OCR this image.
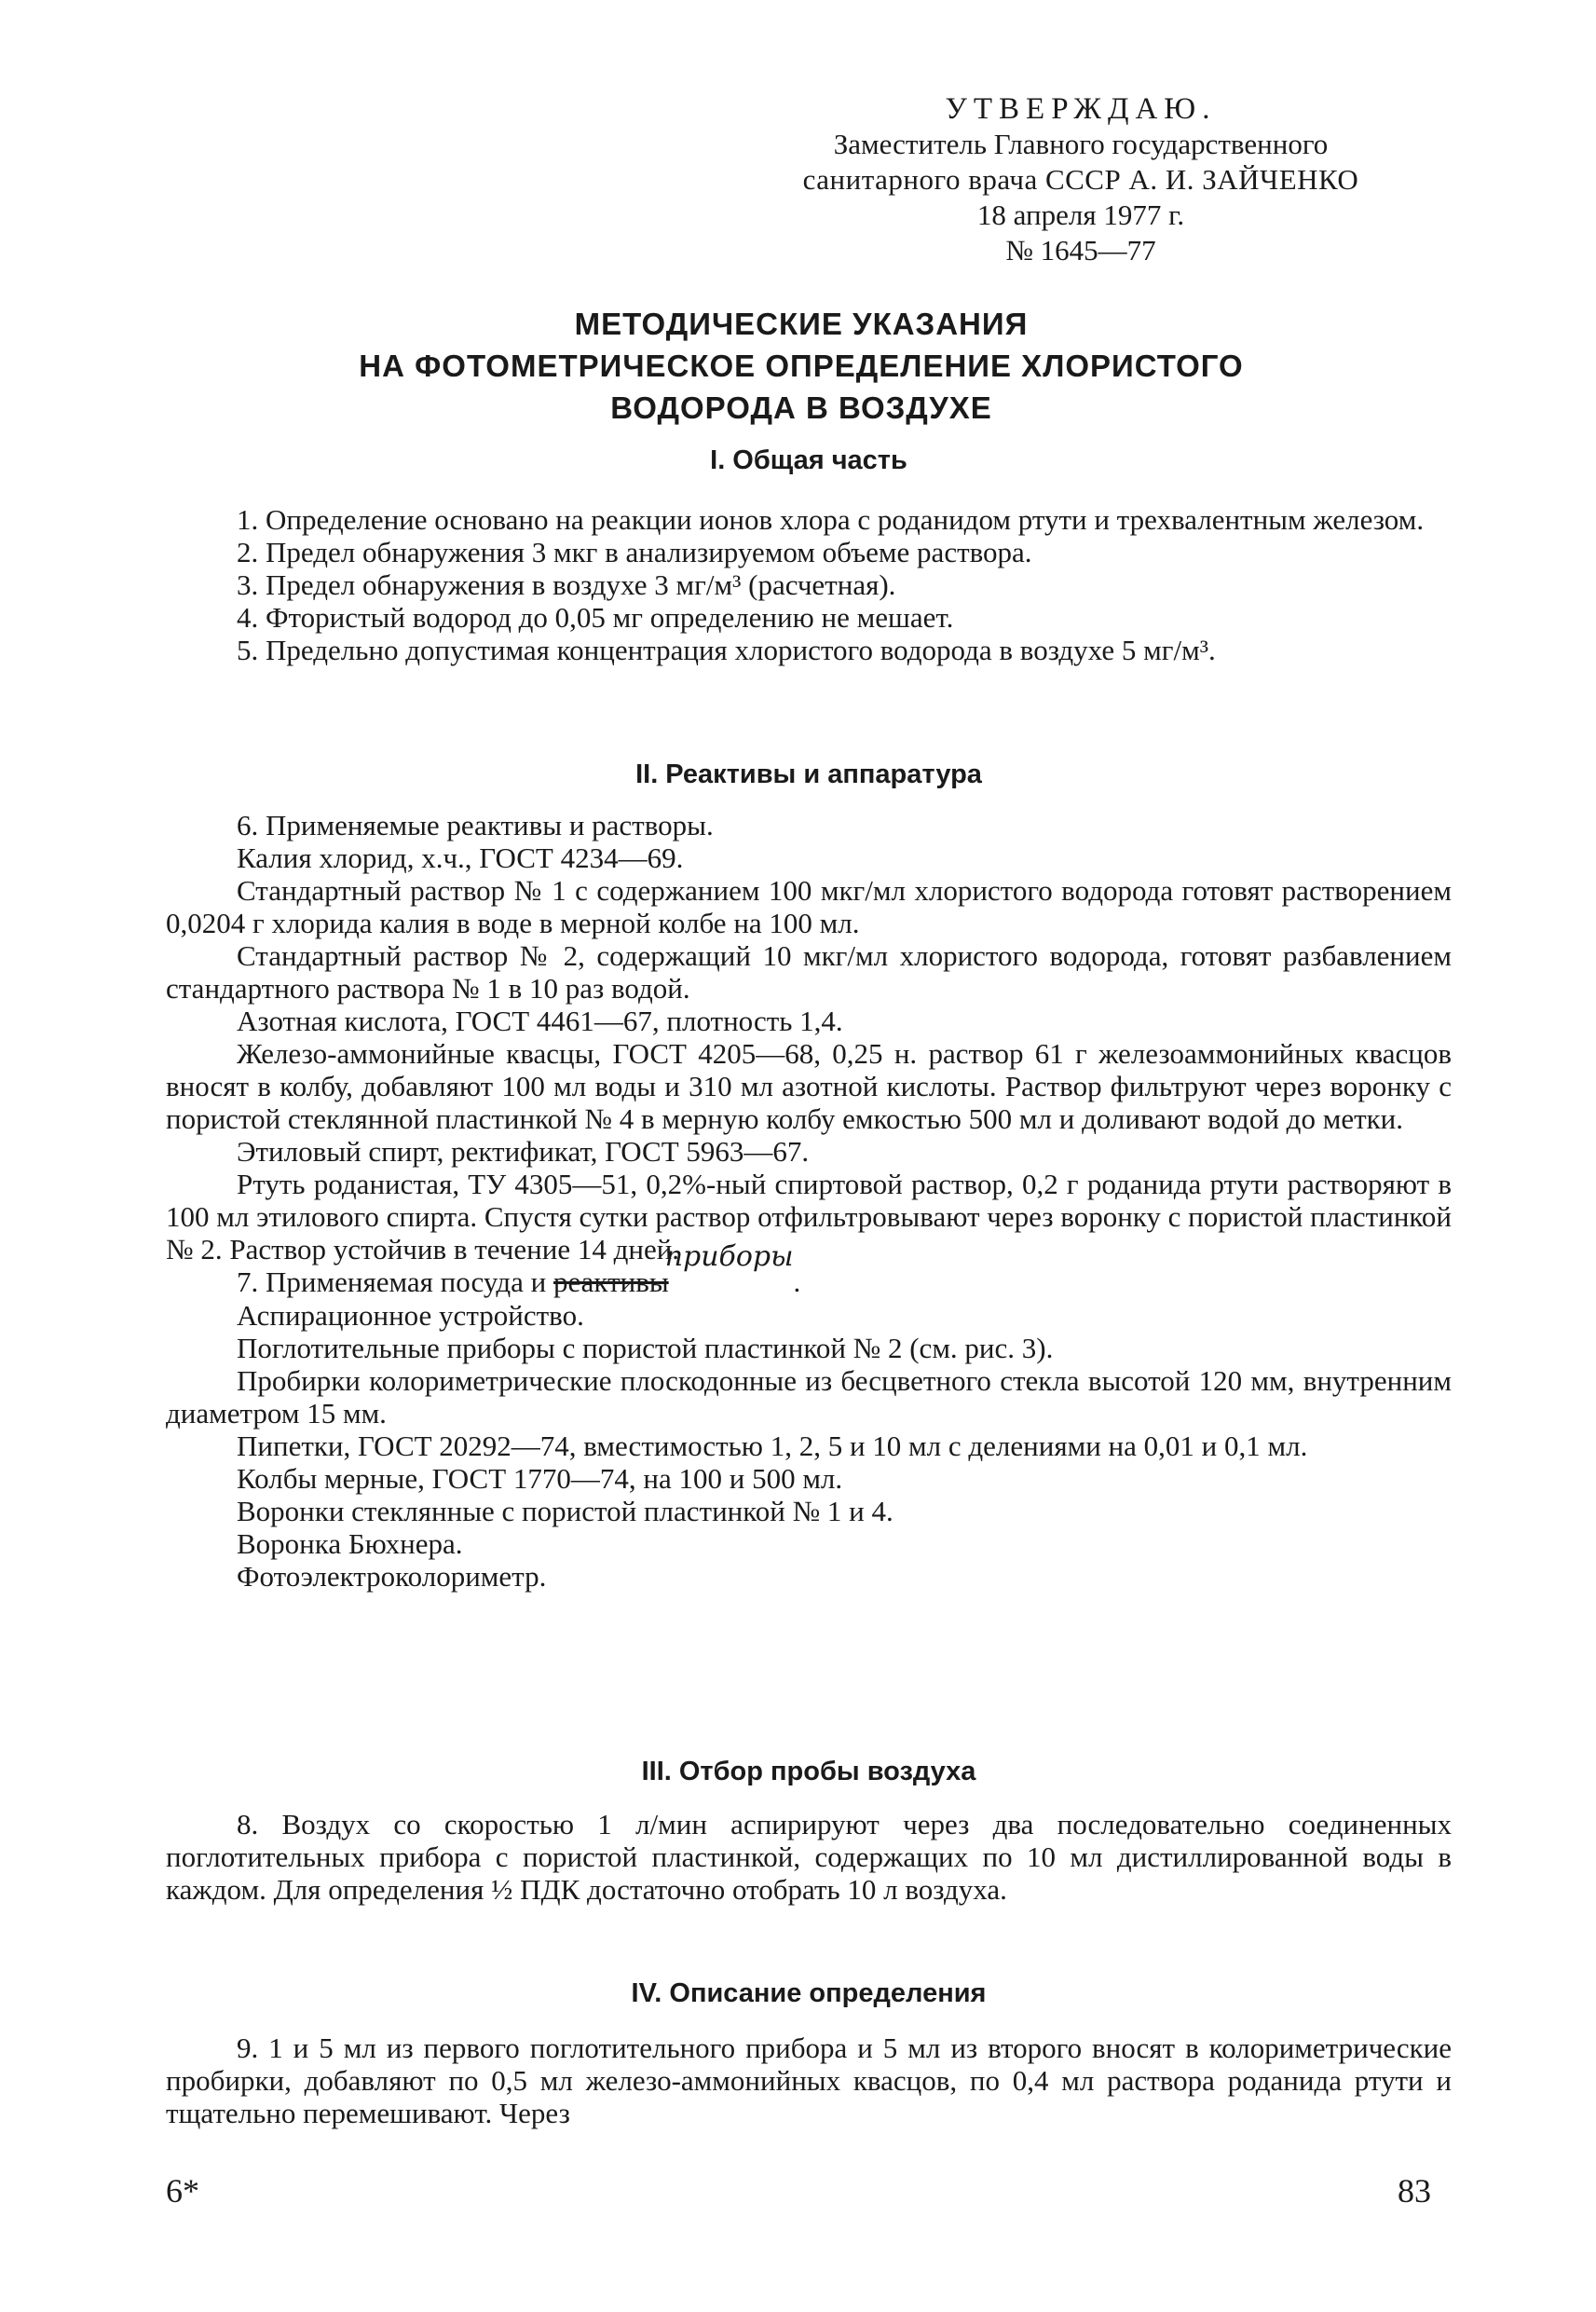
УТВЕРЖДАЮ.
Заместитель Главного государственного
санитарного врача СССР А. И. ЗАЙЧЕНКО
18 апреля 1977 г.
№ 1645—77
МЕТОДИЧЕСКИЕ УКАЗАНИЯ
НА ФОТОМЕТРИЧЕСКОЕ ОПРЕДЕЛЕНИЕ ХЛОРИСТОГО
ВОДОРОДА В ВОЗДУХЕ
I. Общая часть

1. Определение основано на реакции ионов хлора с роданидом ртути и трехвалентным железом.

2. Предел обнаружения 3 мкг в анализируемом объеме раствора.

3. Предел обнаружения в воздухе 3 мг/м³ (расчетная).

4. Фтористый водород до 0,05 мг определению не мешает.

5. Предельно допустимая концентрация хлористого водорода в воздухе 5 мг/м³.

II. Реактивы и аппаратура

6. Применяемые реактивы и растворы.

Калия хлорид, х.ч., ГОСТ 4234—69.

Стандартный раствор № 1 с содержанием 100 мкг/мл хлористого водорода готовят растворением 0,0204 г хлорида калия в воде в мерной колбе на 100 мл.

Стандартный раствор № 2, содержащий 10 мкг/мл хлористого водорода, готовят разбавлением стандартного раствора № 1 в 10 раз водой.

Азотная кислота, ГОСТ 4461—67, плотность 1,4.

Железо-аммонийные квасцы, ГОСТ 4205—68, 0,25 н. раствор 61 г железоаммонийных квасцов вносят в колбу, добавляют 100 мл воды и 310 мл азотной кислоты. Раствор фильтруют через воронку с пористой стеклянной пластинкой № 4 в мерную колбу емкостью 500 мл и доливают водой до метки.

Этиловый спирт, ректификат, ГОСТ 5963—67.

Ртуть роданистая, ТУ 4305—51, 0,2%-ный спиртовой раствор, 0,2 г роданида ртути растворяют в 100 мл этилового спирта. Спустя сутки раствор отфильтровывают через воронку с пористой пластинкой № 2. Раствор устойчив в течение 14 дней.

7. Применяемая посуда и реактивыприборы.

Аспирационное устройство.

Поглотительные приборы с пористой пластинкой № 2 (см. рис. 3).

Пробирки колориметрические плоскодонные из бесцветного стекла высотой 120 мм, внутренним диаметром 15 мм.

Пипетки, ГОСТ 20292—74, вместимостью 1, 2, 5 и 10 мл с делениями на 0,01 и 0,1 мл.

Колбы мерные, ГОСТ 1770—74, на 100 и 500 мл.

Воронки стеклянные с пористой пластинкой № 1 и 4.

Воронка Бюхнера.

Фотоэлектроколориметр.

III. Отбор пробы воздуха

8. Воздух со скоростью 1 л/мин аспирируют через два последовательно соединенных поглотительных прибора с пористой пластинкой, содержащих по 10 мл дистиллированной воды в каждом. Для определения ½ ПДК достаточно отобрать 10 л воздуха.

IV. Описание определения

9. 1 и 5 мл из первого поглотительного прибора и 5 мл из второго вносят в колориметрические пробирки, добавляют по 0,5 мл железо-аммонийных квасцов, по 0,4 мл раствора роданида ртути и тщательно перемешивают. Через

6*	83
